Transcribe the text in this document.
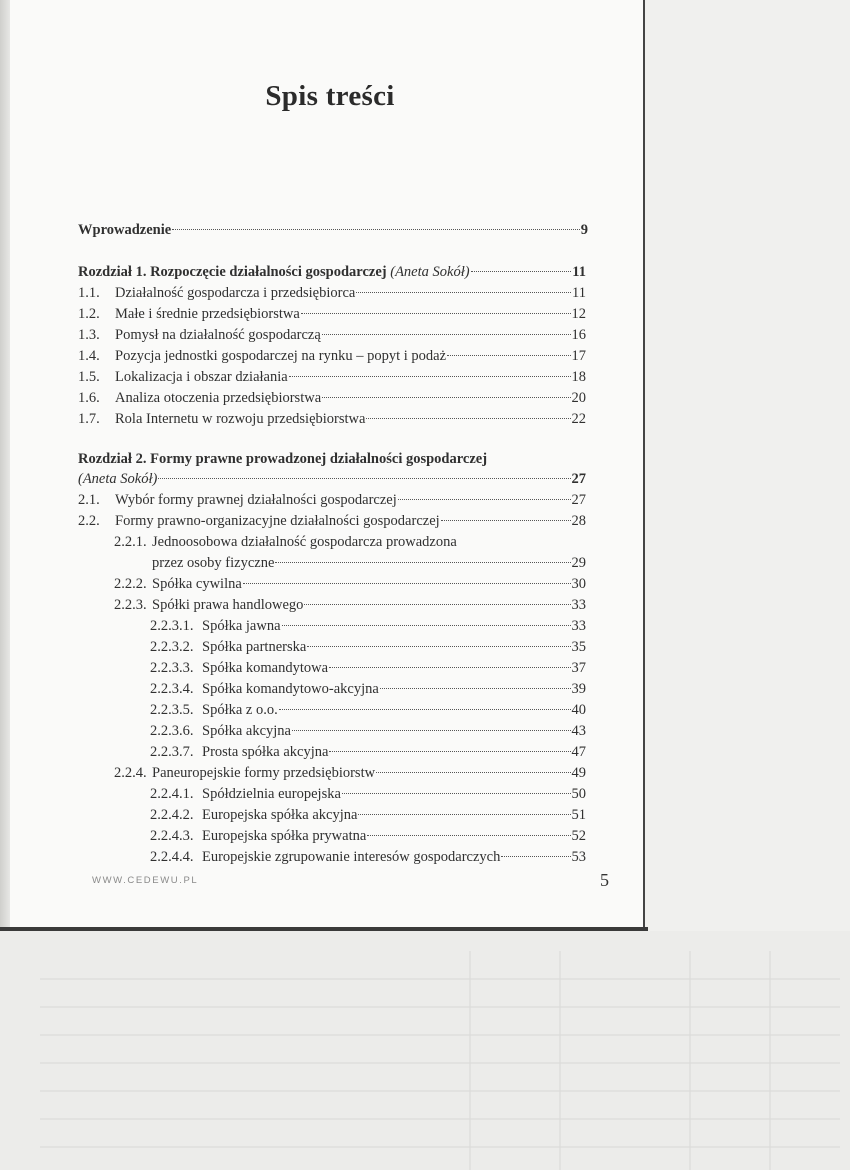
Spis treści
Wprowadzenie	9
Rozdział 1. Rozpoczęcie działalności gospodarczej (Aneta Sokół)	11
1.1.	Działalność gospodarcza i przedsiębiorca	11
1.2.	Małe i średnie przedsiębiorstwa	12
1.3.	Pomysł na działalność gospodarczą	16
1.4.	Pozycja jednostki gospodarczej na rynku – popyt i podaż	17
1.5.	Lokalizacja i obszar działania	18
1.6.	Analiza otoczenia przedsiębiorstwa	20
1.7.	Rola Internetu w rozwoju przedsiębiorstwa	22
Rozdział 2. Formy prawne prowadzonej działalności gospodarczej
(Aneta Sokół)	27
2.1.	Wybór formy prawnej działalności gospodarczej	27
2.2.	Formy prawno-organizacyjne działalności gospodarczej	28
2.2.1. Jednoosobowa działalność gospodarcza prowadzona
przez osoby fizyczne	29
2.2.2. Spółka cywilna	30
2.2.3. Spółki prawa handlowego	33
2.2.3.1. Spółka jawna	33
2.2.3.2. Spółka partnerska	35
2.2.3.3. Spółka komandytowa	37
2.2.3.4. Spółka komandytowo-akcyjna	39
2.2.3.5. Spółka z o.o.	40
2.2.3.6. Spółka akcyjna	43
2.2.3.7. Prosta spółka akcyjna	47
2.2.4. Paneuropejskie formy przedsiębiorstw	49
2.2.4.1. Spółdzielnia europejska	50
2.2.4.2. Europejska spółka akcyjna	51
2.2.4.3. Europejska spółka prywatna	52
2.2.4.4. Europejskie zgrupowanie interesów gospodarczych	53
WWW.CEDEWU.PL	5
